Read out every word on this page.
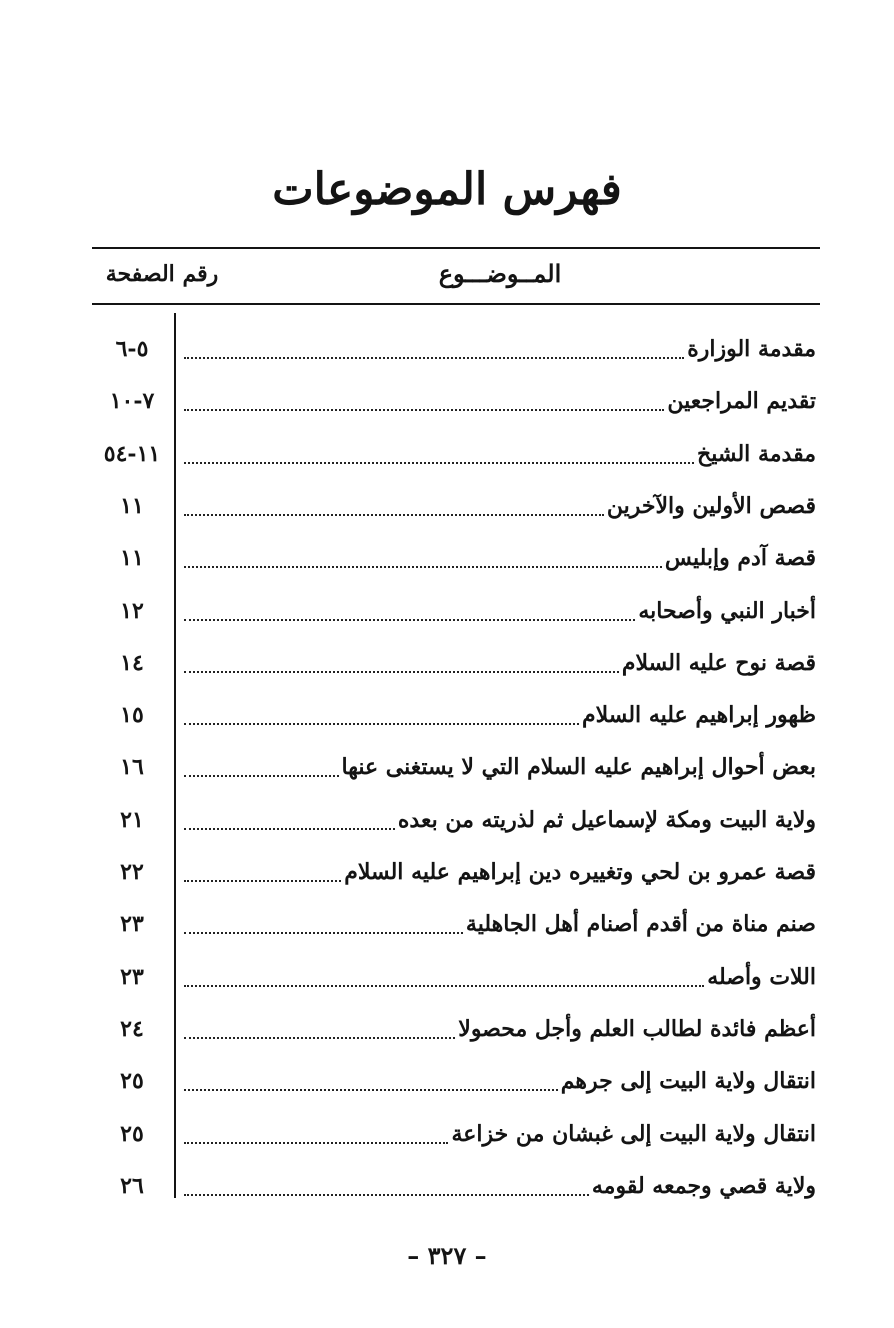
فهرس الموضوعات
المــوضـــوع
رقم الصفحة
مقدمة الوزارة
٥-٦
تقديم المراجعين
٧-١٠
مقدمة الشيخ
١١-٥٤
قصص الأولين والآخرين
١١
قصة آدم وإبليس
١١
أخبار النبي وأصحابه
١٢
قصة نوح عليه السلام
١٤
ظهور إبراهيم عليه السلام
١٥
بعض أحوال إبراهيم عليه السلام التي لا يستغنى عنها
١٦
ولاية البيت ومكة لإسماعيل ثم لذريته من بعده
٢١
قصة عمرو بن لحي وتغييره دين إبراهيم عليه السلام
٢٢
صنم مناة من أقدم أصنام أهل الجاهلية
٢٣
اللات وأصله
٢٣
أعظم فائدة لطالب العلم وأجل محصولا
٢٤
انتقال ولاية البيت إلى جرهم
٢٥
انتقال ولاية البيت إلى غبشان من خزاعة
٢٥
ولاية قصي وجمعه لقومه
٢٦
– ٣٢٧ –
